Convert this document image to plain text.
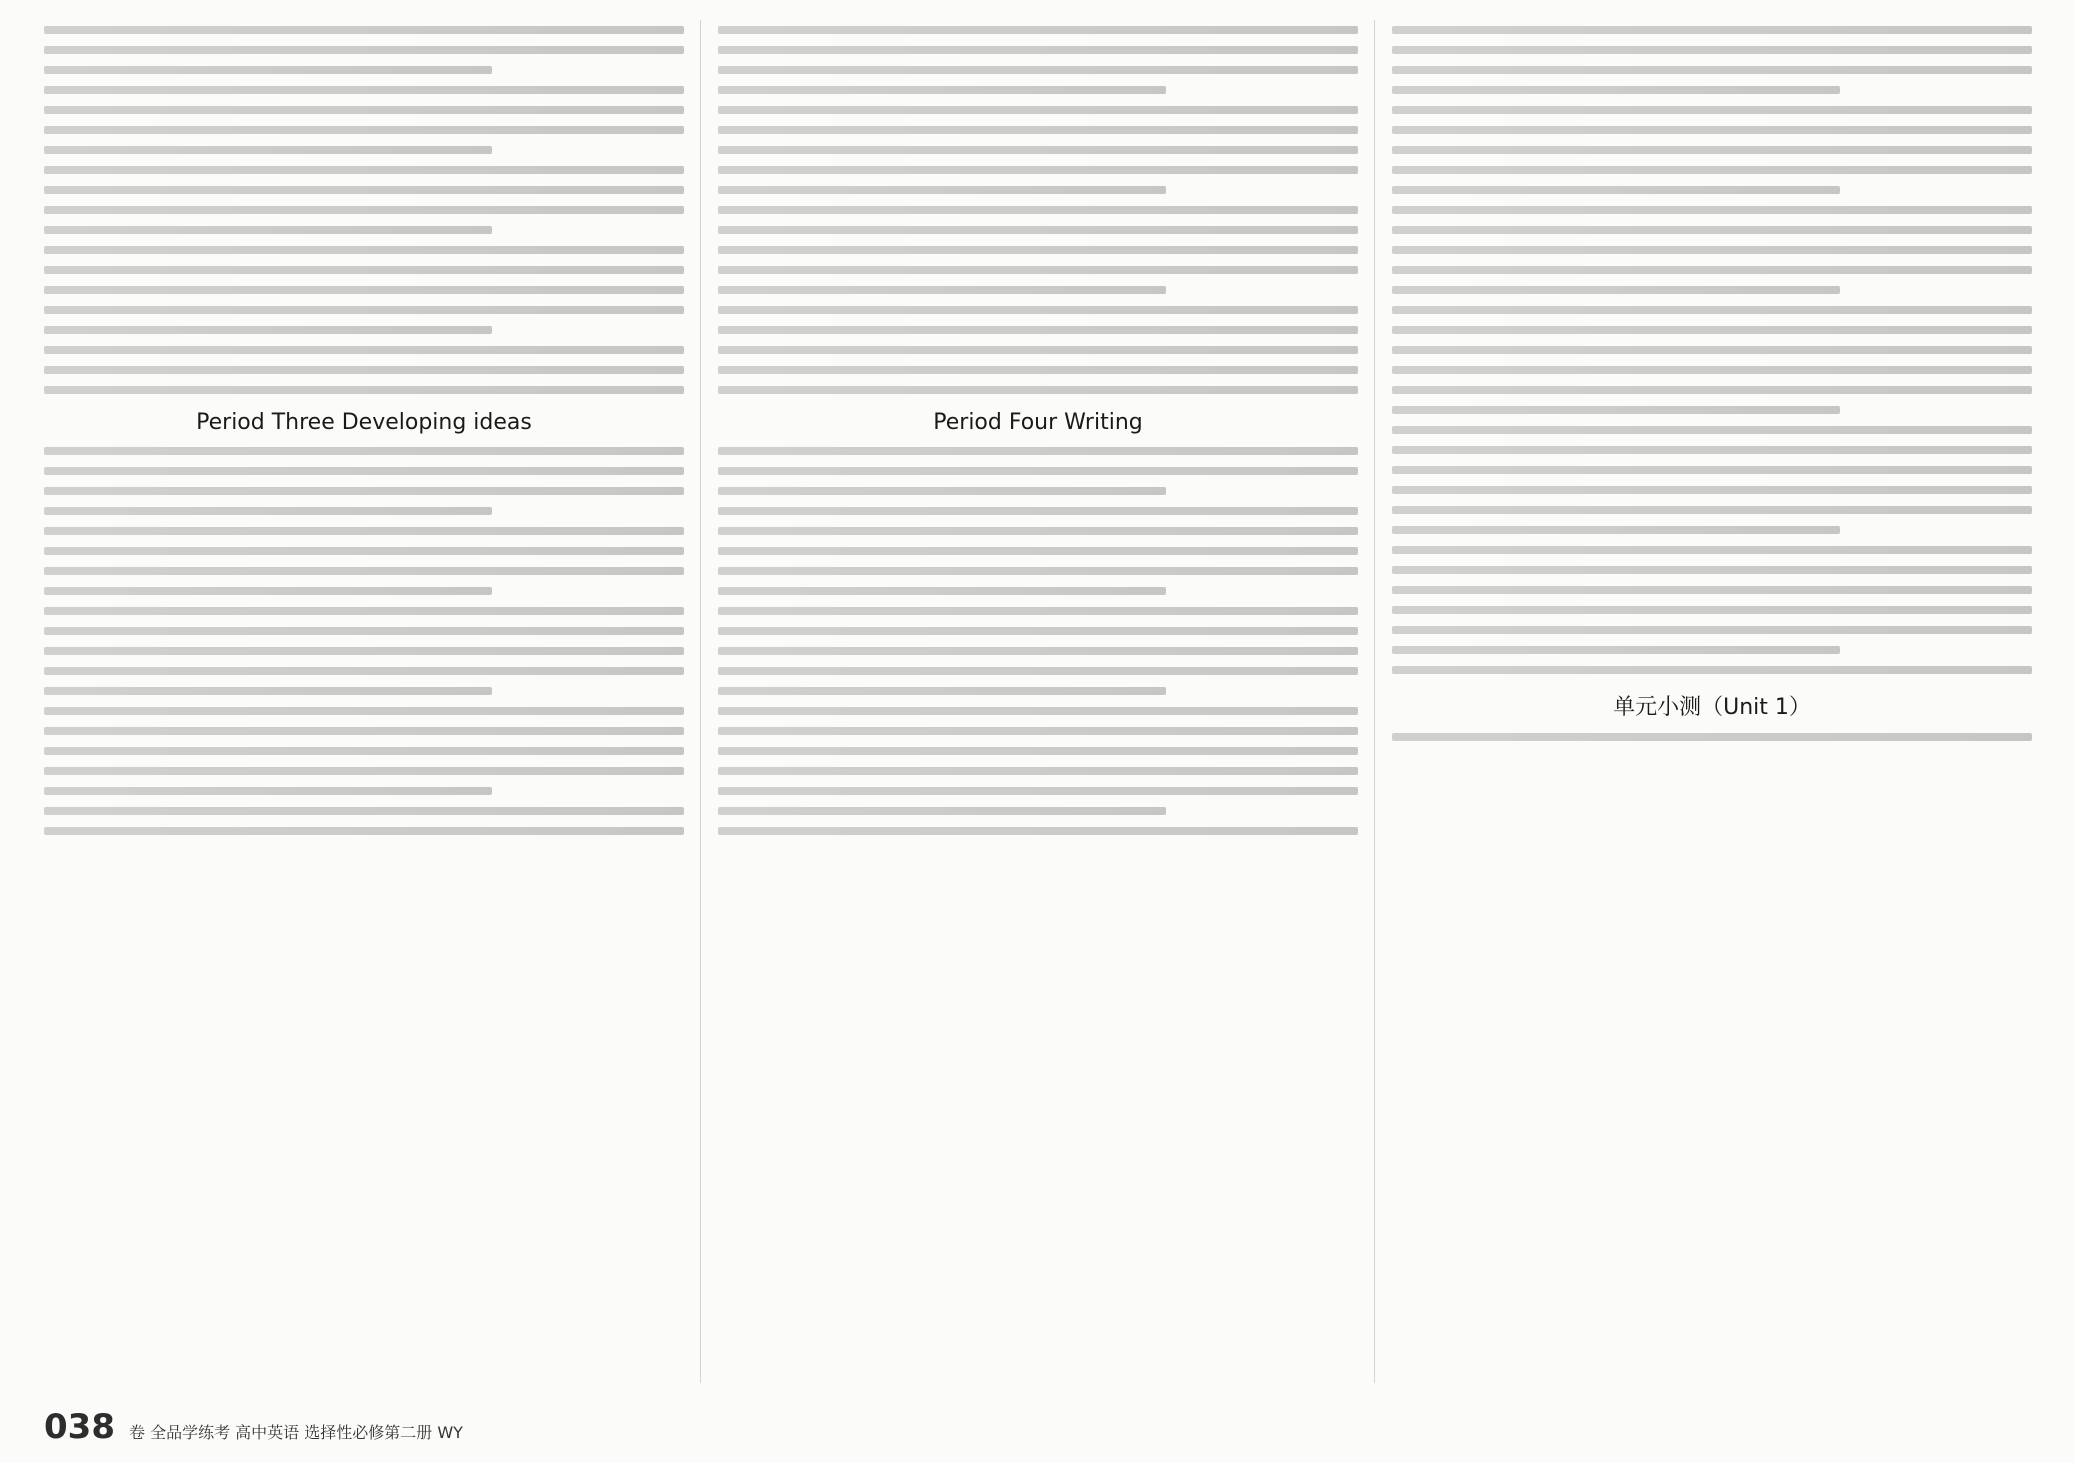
Period Three Developing ideas	Period Four Writing
单元小测（Unit 1）
038 卷 全品学练考 高中英语 选择性必修第二册 WY
